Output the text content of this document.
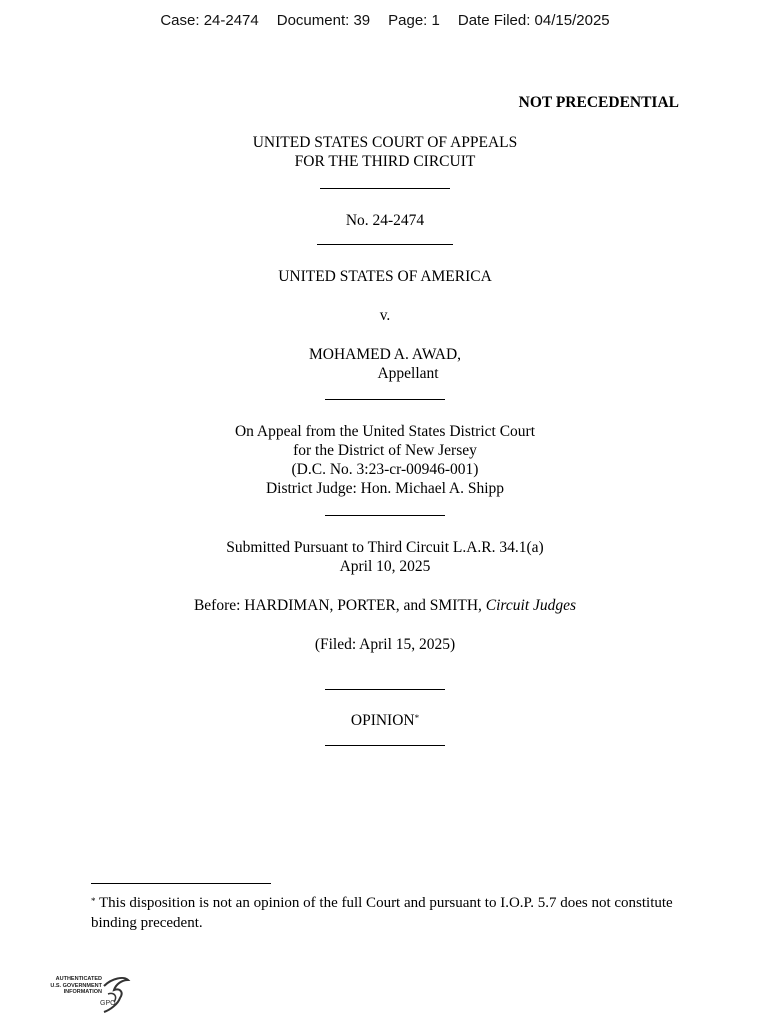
Case: 24-2474 Document: 39 Page: 1 Date Filed: 04/15/2025
NOT PRECEDENTIAL
UNITED STATES COURT OF APPEALS
FOR THE THIRD CIRCUIT
No. 24-2474
UNITED STATES OF AMERICA
v.
MOHAMED A. AWAD,
Appellant
On Appeal from the United States District Court
for the District of New Jersey
(D.C. No. 3:23-cr-00946-001)
District Judge: Hon. Michael A. Shipp
Submitted Pursuant to Third Circuit L.A.R. 34.1(a)
April 10, 2025
Before: HARDIMAN, PORTER, and SMITH, Circuit Judges
(Filed: April 15, 2025)
OPINION*
* This disposition is not an opinion of the full Court and pursuant to I.O.P. 5.7 does not constitute binding precedent.
AUTHENTICATED
U.S. GOVERNMENT
INFORMATION
GPO
